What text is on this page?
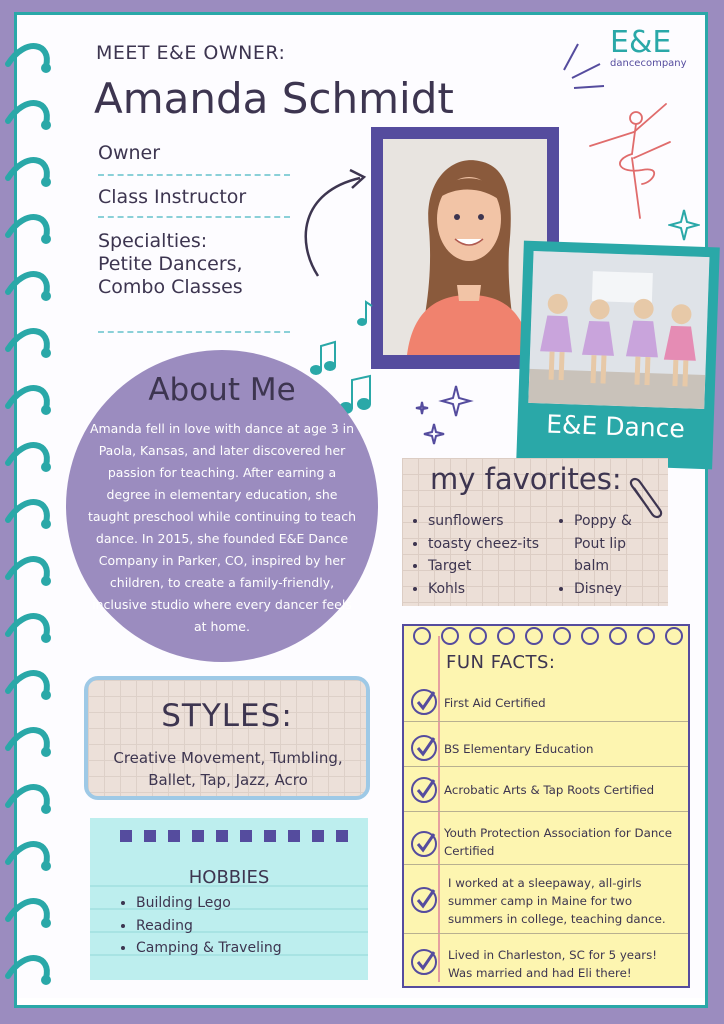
MEET E&E OWNER:
Amanda Schmidt
Owner
Class Instructor
Specialties:
Petite Dancers,
Combo Classes
E&E
dancecompany
E&E Dance
About Me
Amanda fell in love with dance at age 3 in Paola, Kansas, and later discovered her passion for teaching. After earning a degree in elementary education, she taught preschool while continuing to teach dance. In 2015, she founded E&E Dance Company in Parker, CO, inspired by her children, to create a family-friendly, inclusive studio where every dancer feels at home.
my favorites:
• sunflowers
• toasty cheez-its
• Target
• Kohls
• Poppy & Pout lip balm
• Disney
STYLES:
Creative Movement, Tumbling, Ballet, Tap, Jazz, Acro
HOBBIES
• Building Lego
• Reading
• Camping & Traveling
FUN FACTS:
First Aid Certified
BS Elementary Education
Acrobatic Arts & Tap Roots Certified
Youth Protection Association for Dance Certified
I worked at a sleepaway, all-girls summer camp in Maine for two summers in college, teaching dance.
Lived in Charleston, SC for 5 years! Was married and had Eli there!
